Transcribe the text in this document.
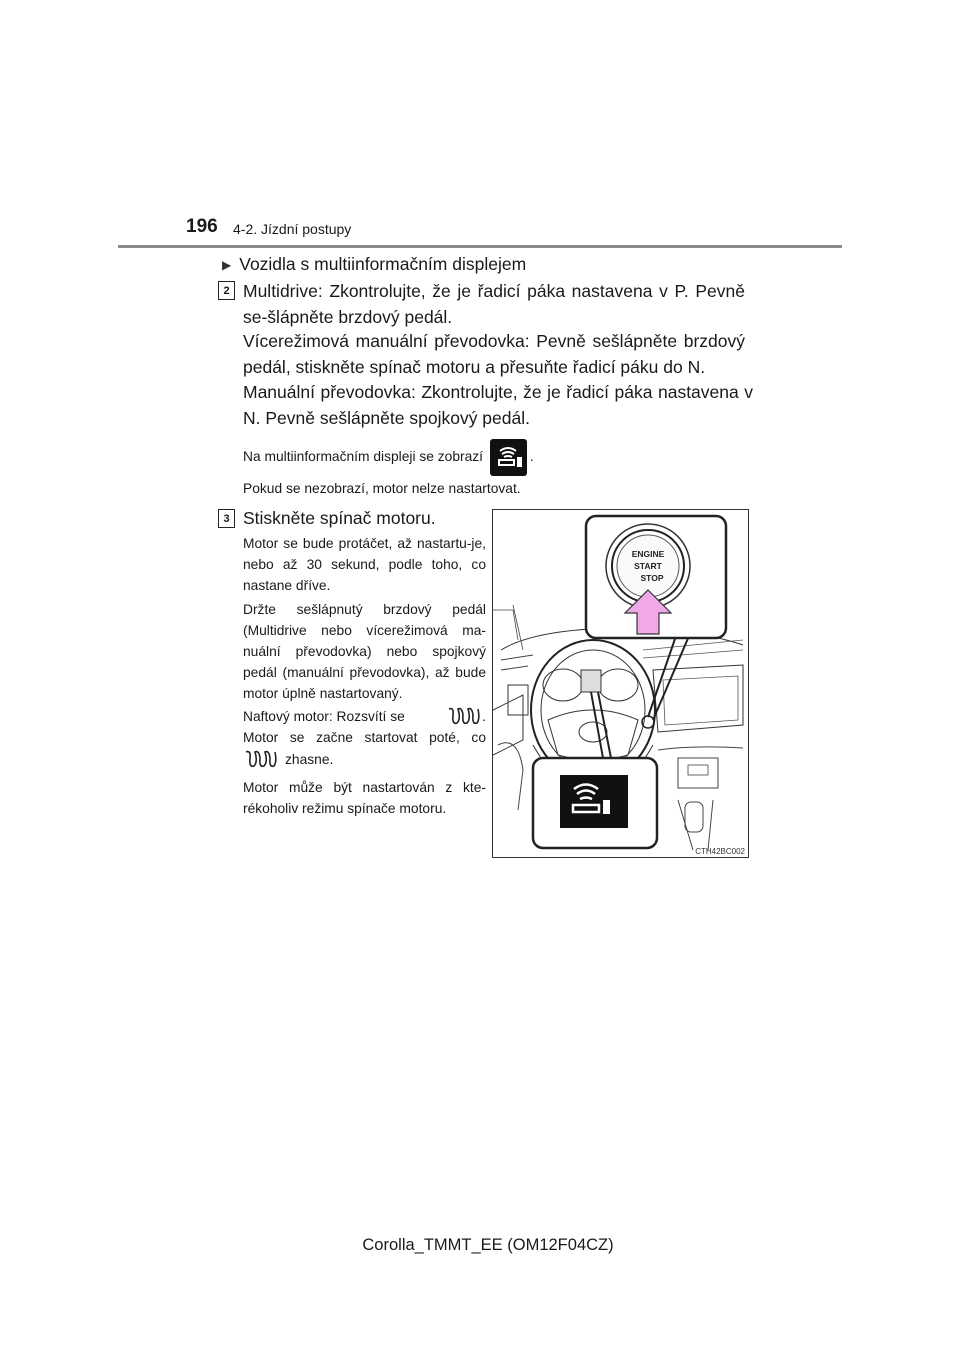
196 4-2. Jízdní postupy
▶ Vozidla s multiinformačním displejem
2 Multidrive: Zkontrolujte, že je řadicí páka nastavena v P. Pevně se-šlápněte brzdový pedál.
Vícerežimová manuální převodovka: Pevně sešlápněte brzdový pedál, stiskněte spínač motoru a přesuňte řadicí páku do N.
Manuální převodovka: Zkontrolujte, že je řadicí páka nastavena v N. Pevně sešlápněte spojkový pedál.
Na multiinformačním displeji se zobrazí	.
Pokud se nezobrazí, motor nelze nastartovat.
3 Stiskněte spínač motoru.
Motor se bude protáčet, až nastartu-je, nebo až 30 sekund, podle toho, co nastane dříve.
Držte sešlápnutý brzdový pedál (Multidrive nebo vícerežimová ma-nuální převodovka) nebo spojkový pedál (manuální převodovka), až bude motor úplně nastartovaný.
Naftový motor: Rozsvítí se	.
Motor se začne startovat poté, co
zhasne.
Motor může být nastartován z kte-rékoholiv režimu spínače motoru.
ENGINE
START
STOP
CTH42BC002
Corolla_TMMT_EE (OM12F04CZ)
